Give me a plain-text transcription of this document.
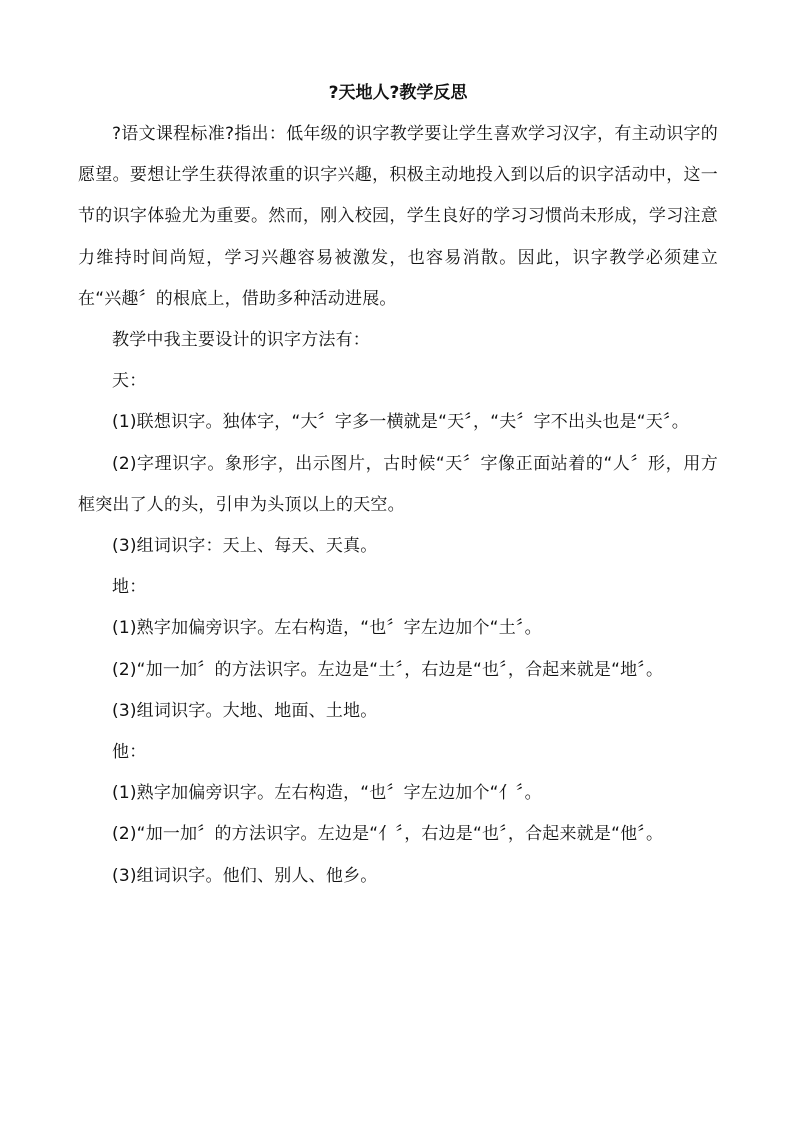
?天地人?教学反思

?语文课程标准?指出：低年级的识字教学要让学生喜欢学习汉字，有主动识字的愿望。要想让学生获得浓重的识字兴趣，积极主动地投入到以后的识字活动中，这一节的识字体验尤为重要。然而，刚入校园，学生良好的学习习惯尚未形成，学习注意力维持时间尚短，学习兴趣容易被激发，也容易消散。因此，识字教学必须建立在“兴趣〞的根底上，借助多种活动进展。

教学中我主要设计的识字方法有：

天：

(1)联想识字。独体字，“大〞字多一横就是“天〞，“夫〞字不出头也是“天〞。

(2)字理识字。象形字，出示图片，古时候“天〞字像正面站着的“人〞形，用方框突出了人的头，引申为头顶以上的天空。

(3)组词识字：天上、每天、天真。

地：

(1)熟字加偏旁识字。左右构造，“也〞字左边加个“土〞。

(2)“加一加〞的方法识字。左边是“土〞，右边是“也〞，合起来就是“地〞。

(3)组词识字。大地、地面、土地。

他：

(1)熟字加偏旁识字。左右构造，“也〞字左边加个“亻〞。

(2)“加一加〞的方法识字。左边是“亻〞，右边是“也〞，合起来就是“他〞。

(3)组词识字。他们、别人、他乡。
